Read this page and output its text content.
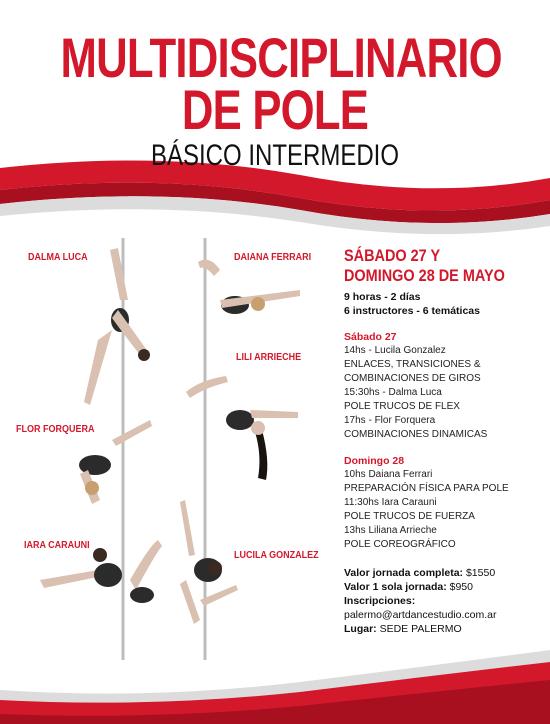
MULTIDISCIPLINARIO
DE POLE
BÁSICO INTERMEDIO
DALMA LUCA	DAIANA FERRARI
LILI ARRIECHE
FLOR FORQUERA
IARA CARAUNI
LUCILA GONZALEZ
SÁBADO 27 Y
DOMINGO 28 DE MAYO
9 horas - 2 días
6 instructores - 6 temáticas
Sábado 27
14hs - Lucila Gonzalez
ENLACES, TRANSICIONES &
COMBINACIONES DE GIROS
15:30hs - Dalma Luca
POLE TRUCOS DE FLEX
17hs - Flor Forquera
COMBINACIONES DINAMICAS
Domingo 28
10hs Daiana Ferrari
PREPARACIÓN FÍSICA PARA POLE
11:30hs Iara Carauni
POLE TRUCOS DE FUERZA
13hs Liliana Arrieche
POLE COREOGRÁFICO
Valor jornada completa: $1550
Valor 1 sola jornada: $950
Inscripciones:
palermo@artdancestudio.com.ar
Lugar: SEDE PALERMO
